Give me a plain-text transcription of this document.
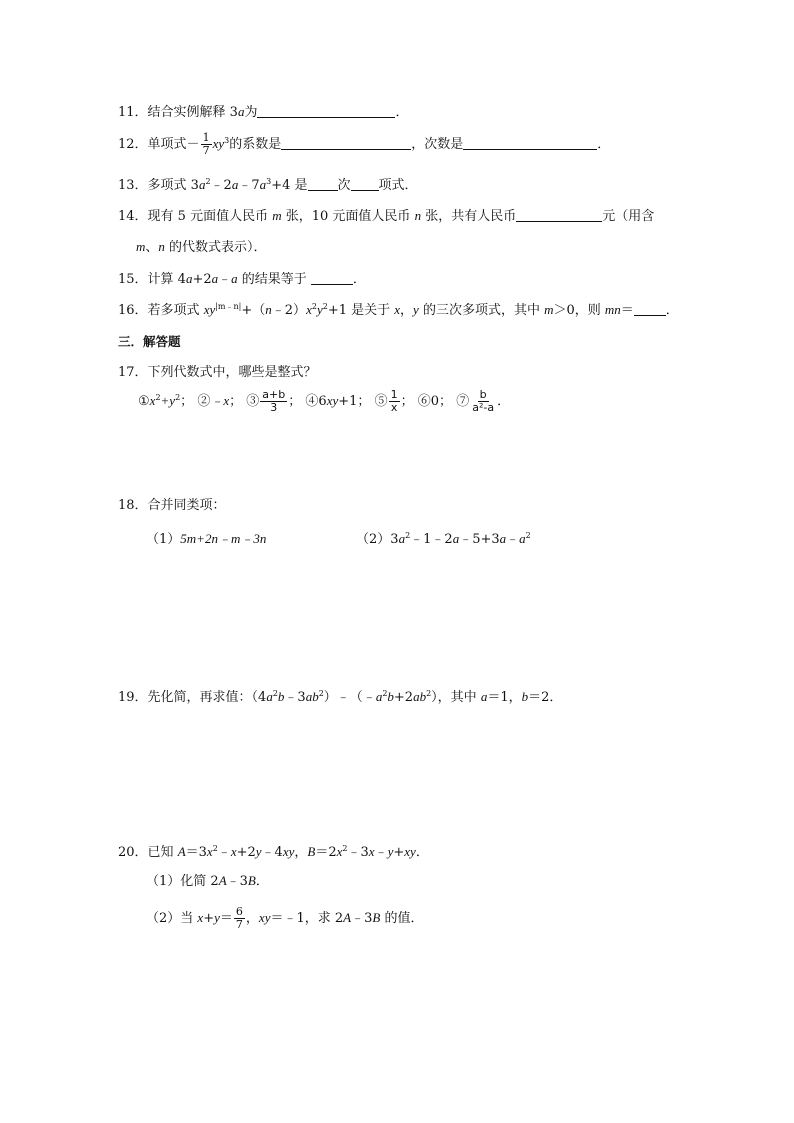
11．结合实例解释 3a为	．
12．单项式－ $\frac{1}{7} xy^3$的系数是	，次数是	．
13．多项式 $3a^2﹣2a﹣7a^3+4$ 是 次 项式．
14．现有 5 元面值人民币 m 张，10 元面值人民币 n 张，共有人民币	元（用含
m、n 的代数式表示）．
15．计算 4a+2a﹣a 的结果等于	．
16．若多项式 $xy^{|m﹣n|}+(n﹣2)x^2y^2+1$ 是关于 x，y 的三次多项式，其中 m＞0，则 mn＝ ．
三．解答题
17．下列代数式中，哪些是整式？
$①x^2+y^2$； ②﹣x； ③ $\frac{a+b}{3}$ ； ④6xy+1； ⑤ $\frac{1}{x}$ ； ⑥0； ⑦ $\frac{b}{\text{a²-a}}$ ．
18．合并同类项：
（1）5m+2n﹣m﹣3n	$(2)3a^2﹣1﹣2a﹣5+3a﹣a^2$
19．先化简，再求值：$(4a^2b﹣3ab^2)﹣(﹣a^2b+2ab^2)$，其中 a＝1，b＝2．
20．已知 $A=3x^2﹣x+2y﹣4xy$，$B=2x^2﹣3x﹣y+xy$．
（1）化简 2A﹣3B．
（2）当 $x+y= \frac{6}{7}$ ，xy＝﹣1，求 2A﹣3B 的值．
